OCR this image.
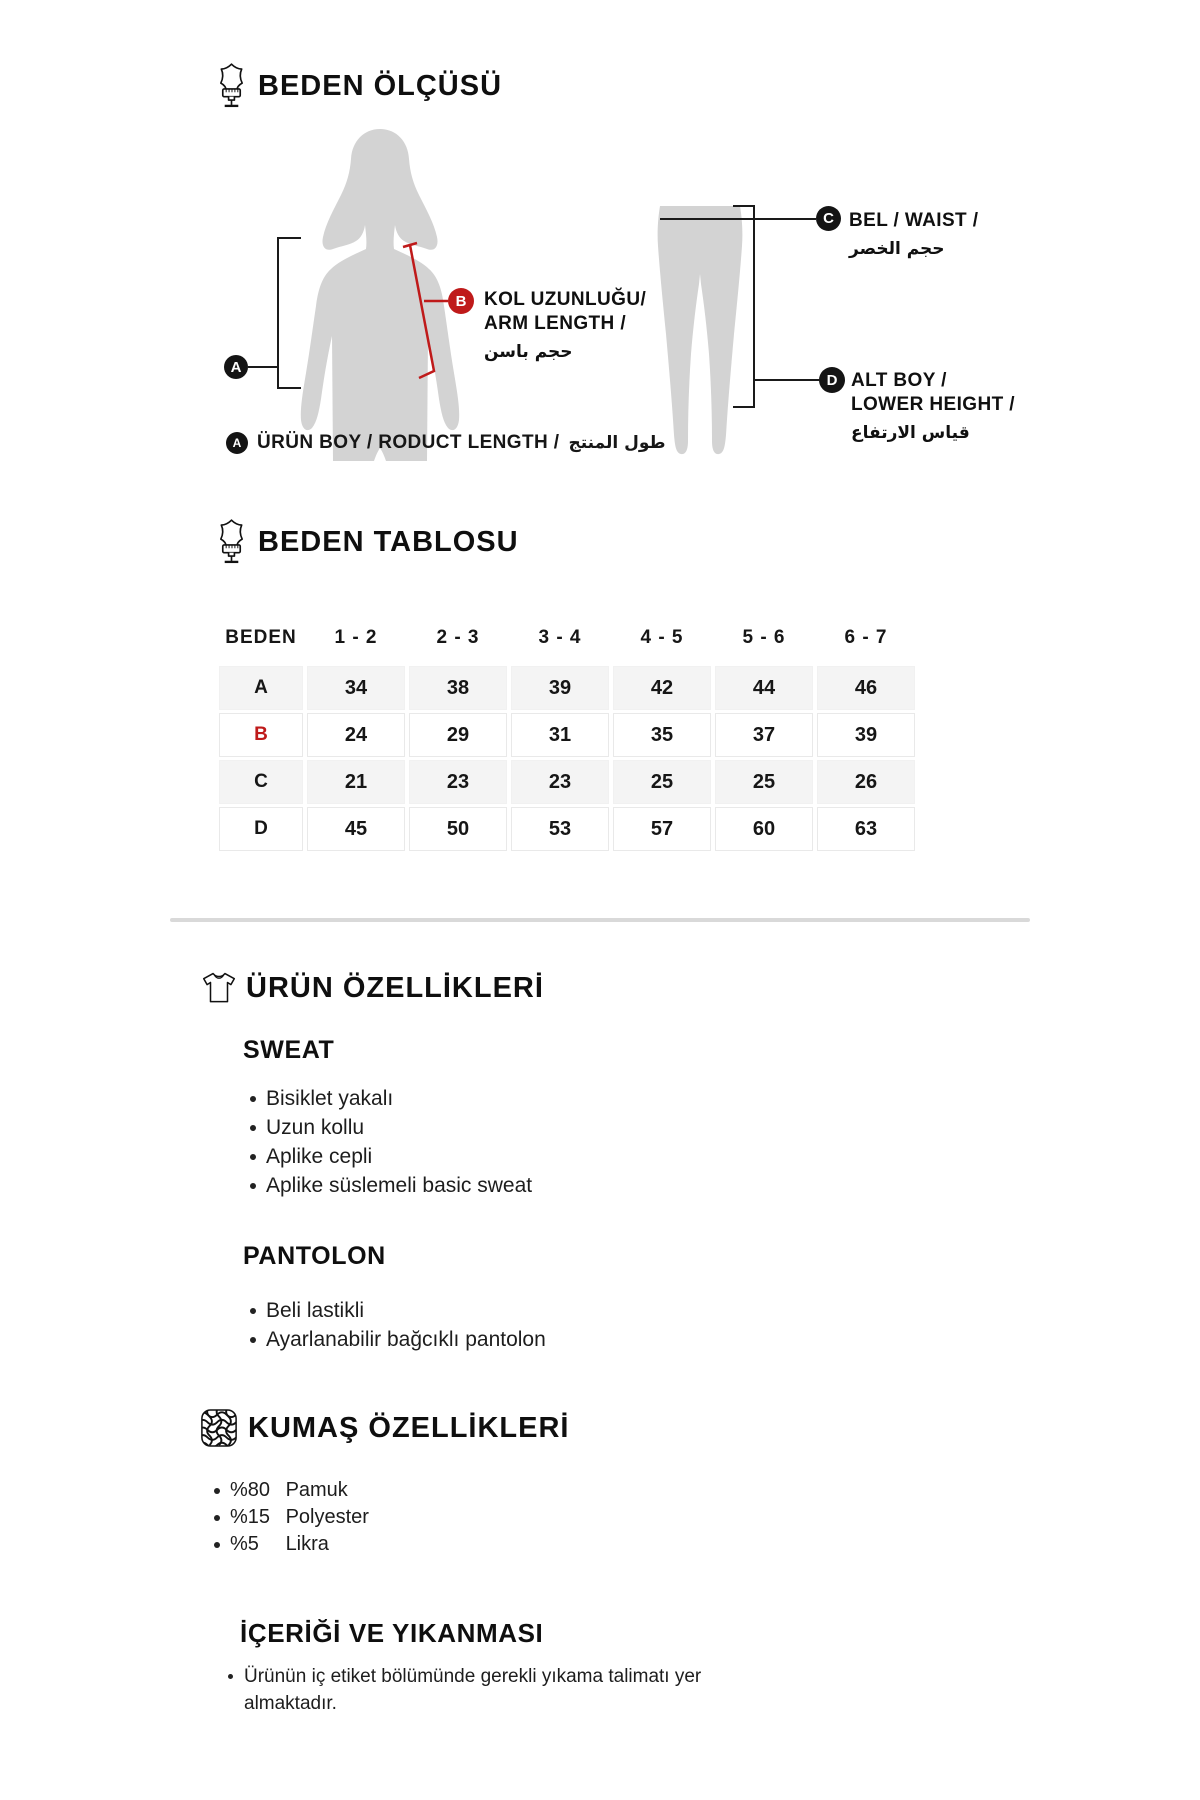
BEDEN ÖLÇÜSÜ
A
B
C
D
KOL UZUNLUĞU/
ARM LENGTH /
حجم باسن
BEL / WAIST /
حجم الخصر
ALT BOY /
LOWER HEIGHT /
قياس الارتفاع
A ÜRÜN BOY / RODUCT LENGTH / طول المنتج
BEDEN TABLOSU
BEDEN	1 - 2	2 - 3	3 - 4	4 - 5	5 - 6	6 - 7
A	34	38	39	42	44	46
B	24	29	31	35	37	39
C	21	23	23	25	25	26
D	45	50	53	57	60	63
ÜRÜN ÖZELLİKLERİ
SWEAT
Bisiklet yakalı
Uzun kollu
Aplike cepli
Aplike süslemeli basic sweat
PANTOLON
Beli lastikli
Ayarlanabilir bağcıklı pantolon
KUMAŞ ÖZELLİKLERİ
%80 Pamuk
%15 Polyester
%5 Likra
İÇERİĞİ VE YIKANMASI
Ürünün iç etiket bölümünde gerekli yıkama talimatı yer almaktadır.
